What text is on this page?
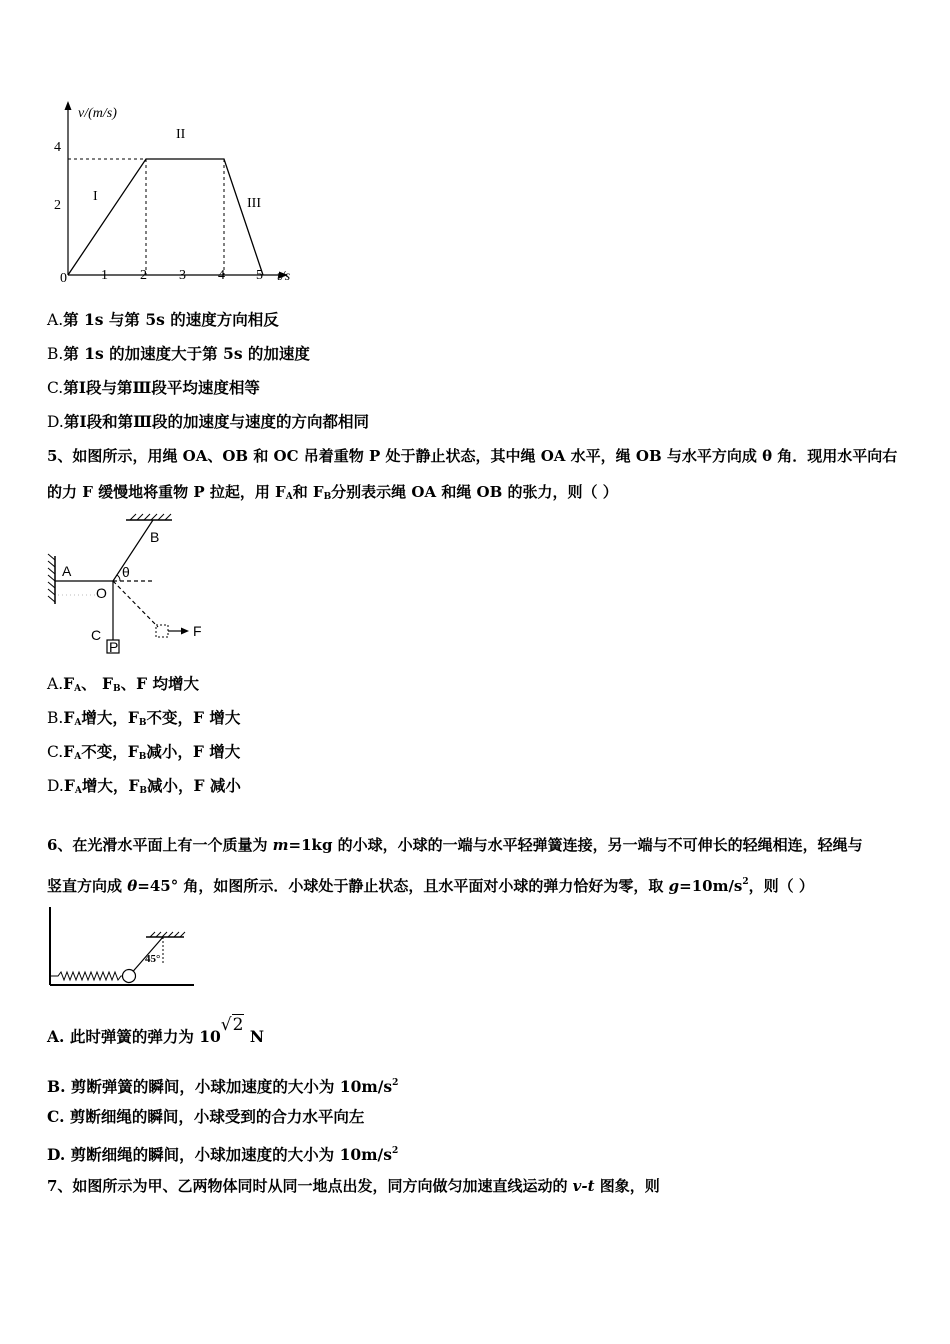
v/(m/s)
t/s
4
2
0 1 2 3 4 5
I
II
III
A.第 1s 与第 5s 的速度方向相反
B.第 1s 的加速度大于第 5s 的加速度
C.第Ⅰ段与第Ⅲ段平均速度相等
D.第Ⅰ段和第Ⅲ段的加速度与速度的方向都相同
5、如图所示，用绳 OA、OB 和 OC 吊着重物 P 处于静止状态，其中绳 OA 水平，绳 OB 与水平方向成 θ 角．现用水平向右
的力 F 缓慢地将重物 P 拉起，用 $F_A$和 $F_B$分别表示绳 OA 和绳 OB 的张力，则（ ）
A
B
O
θ
C
P
F
$A.F_A$、 $F_B$、F 均增大
$B.F_A$增大，$F_B$不变，F 增大
$C.F_A$不变，$F_B$减小，F 增大
$D.F_A$增大，$F_B$减小，F 减小
6、在光滑水平面上有一个质量为 m=1kg 的小球，小球的一端与水平轻弹簧连接，另一端与不可伸长的轻绳相连，轻绳与
竖直方向成 θ=45° 角，如图所示．小球处于静止状态，且水平面对小球的弹力恰好为零，取 $g=10m/s^2$，则（ ）
45°
A. 此时弹簧的弹力为 10√2 N
B. 剪断弹簧的瞬间，小球加速度的大小为 $10m/s^2$
C. 剪断细绳的瞬间，小球受到的合力水平向左
D. 剪断细绳的瞬间，小球加速度的大小为 $10m/s^2$
7、如图所示为甲、乙两物体同时从同一地点出发，同方向做匀加速直线运动的 v-t 图象，则
